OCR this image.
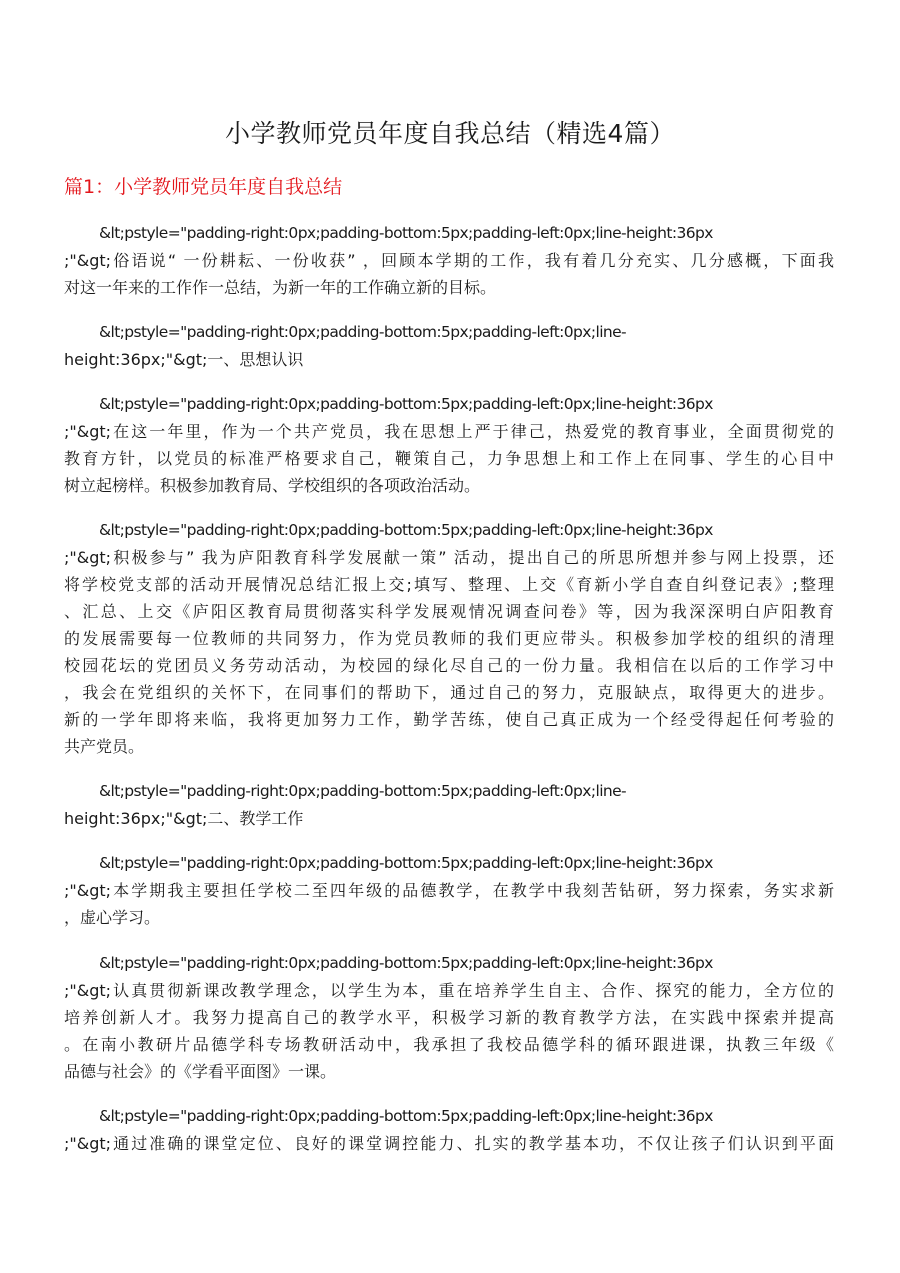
小学教师党员年度自我总结（精选4篇）
篇1：小学教师党员年度自我总结
&lt;pstyle="padding-right:0px;padding-bottom:5px;padding-left:0px;line-height:36px
;"&gt;俗语说“ 一份耕耘、一份收获” ，回顾本学期的工作，我有着几分充实、几分感概，下面我
对这一年来的工作作一总结，为新一年的工作确立新的目标。
&lt;pstyle="padding-right:0px;padding-bottom:5px;padding-left:0px;line-
height:36px;"&gt;一、思想认识
&lt;pstyle="padding-right:0px;padding-bottom:5px;padding-left:0px;line-height:36px
;"&gt;在这一年里，作为一个共产党员，我在思想上严于律己，热爱党的教育事业，全面贯彻党的
教育方针，以党员的标准严格要求自己，鞭策自己，力争思想上和工作上在同事、学生的心目中
树立起榜样。积极参加教育局、学校组织的各项政治活动。
&lt;pstyle="padding-right:0px;padding-bottom:5px;padding-left:0px;line-height:36px
;"&gt;积极参与” 我为庐阳教育科学发展献一策” 活动，提出自己的所思所想并参与网上投票，还
将学校党支部的活动开展情况总结汇报上交;填写、整理、上交《育新小学自查自纠登记表》;整理
、汇总、上交《庐阳区教育局贯彻落实科学发展观情况调查问卷》等，因为我深深明白庐阳教育
的发展需要每一位教师的共同努力，作为党员教师的我们更应带头。积极参加学校的组织的清理
校园花坛的党团员义务劳动活动，为校园的绿化尽自己的一份力量。我相信在以后的工作学习中
，我会在党组织的关怀下，在同事们的帮助下，通过自己的努力，克服缺点，取得更大的进步。
新的一学年即将来临，我将更加努力工作，勤学苦练，使自己真正成为一个经受得起任何考验的
共产党员。
&lt;pstyle="padding-right:0px;padding-bottom:5px;padding-left:0px;line-
height:36px;"&gt;二、教学工作
&lt;pstyle="padding-right:0px;padding-bottom:5px;padding-left:0px;line-height:36px
;"&gt;本学期我主要担任学校二至四年级的品德教学，在教学中我刻苦钻研，努力探索，务实求新
，虚心学习。
&lt;pstyle="padding-right:0px;padding-bottom:5px;padding-left:0px;line-height:36px
;"&gt;认真贯彻新课改教学理念，以学生为本，重在培养学生自主、合作、探究的能力，全方位的
培养创新人才。我努力提高自己的教学水平，积极学习新的教育教学方法，在实践中探索并提高
。在南小教研片品德学科专场教研活动中，我承担了我校品德学科的循环跟进课，执教三年级《
品德与社会》的《学看平面图》一课。
&lt;pstyle="padding-right:0px;padding-bottom:5px;padding-left:0px;line-height:36px
;"&gt;通过准确的课堂定位、良好的课堂调控能力、扎实的教学基本功，不仅让孩子们认识到平面
